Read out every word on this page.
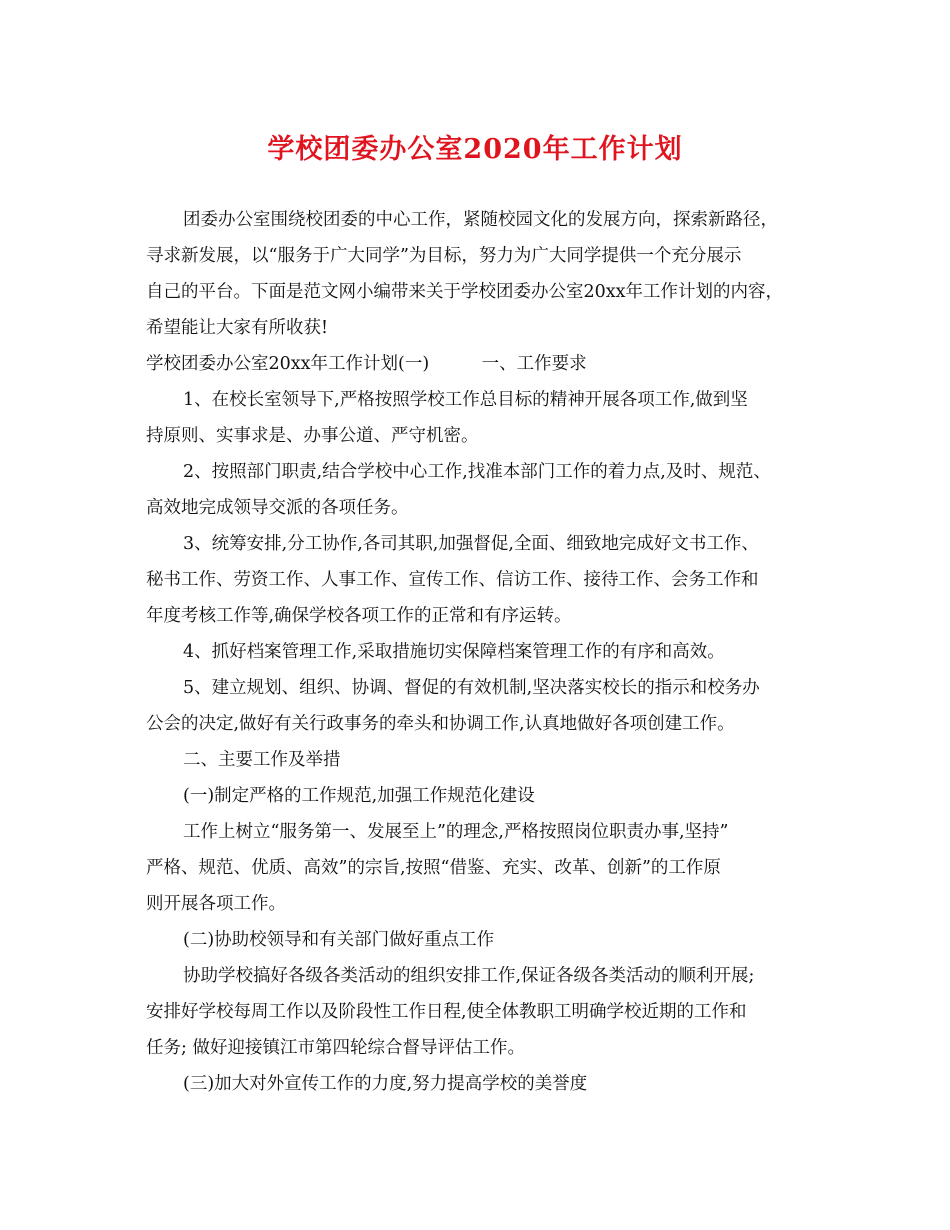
学校团委办公室2020年工作计划
团委办公室围绕校团委的中心工作，紧随校园文化的发展方向，探索新路径，
寻求新发展，以“服务于广大同学”为目标，努力为广大同学提供一个充分展示
自己的平台。下面是范文网小编带来关于学校团委办公室20xx年工作计划的内容，
希望能让大家有所收获!
学校团委办公室20xx年工作计划(一)　　　一、工作要求
1、在校长室领导下,严格按照学校工作总目标的精神开展各项工作,做到坚
持原则、实事求是、办事公道、严守机密。
2、按照部门职责,结合学校中心工作,找准本部门工作的着力点,及时、规范、
高效地完成领导交派的各项任务。
3、统筹安排,分工协作,各司其职,加强督促,全面、细致地完成好文书工作、
秘书工作、劳资工作、人事工作、宣传工作、信访工作、接待工作、会务工作和
年度考核工作等,确保学校各项工作的正常和有序运转。
4、抓好档案管理工作,采取措施切实保障档案管理工作的有序和高效。
5、建立规划、组织、协调、督促的有效机制,坚决落实校长的指示和校务办
公会的决定,做好有关行政事务的牵头和协调工作,认真地做好各项创建工作。
二、主要工作及举措
(一)制定严格的工作规范,加强工作规范化建设
工作上树立“服务第一、发展至上”的理念,严格按照岗位职责办事,坚持”
严格、规范、优质、高效”的宗旨,按照“借鉴、充实、改革、创新”的工作原
则开展各项工作。
(二)协助校领导和有关部门做好重点工作
协助学校搞好各级各类活动的组织安排工作,保证各级各类活动的顺利开展;
安排好学校每周工作以及阶段性工作日程,使全体教职工明确学校近期的工作和
任务; 做好迎接镇江市第四轮综合督导评估工作。
(三)加大对外宣传工作的力度,努力提高学校的美誉度
